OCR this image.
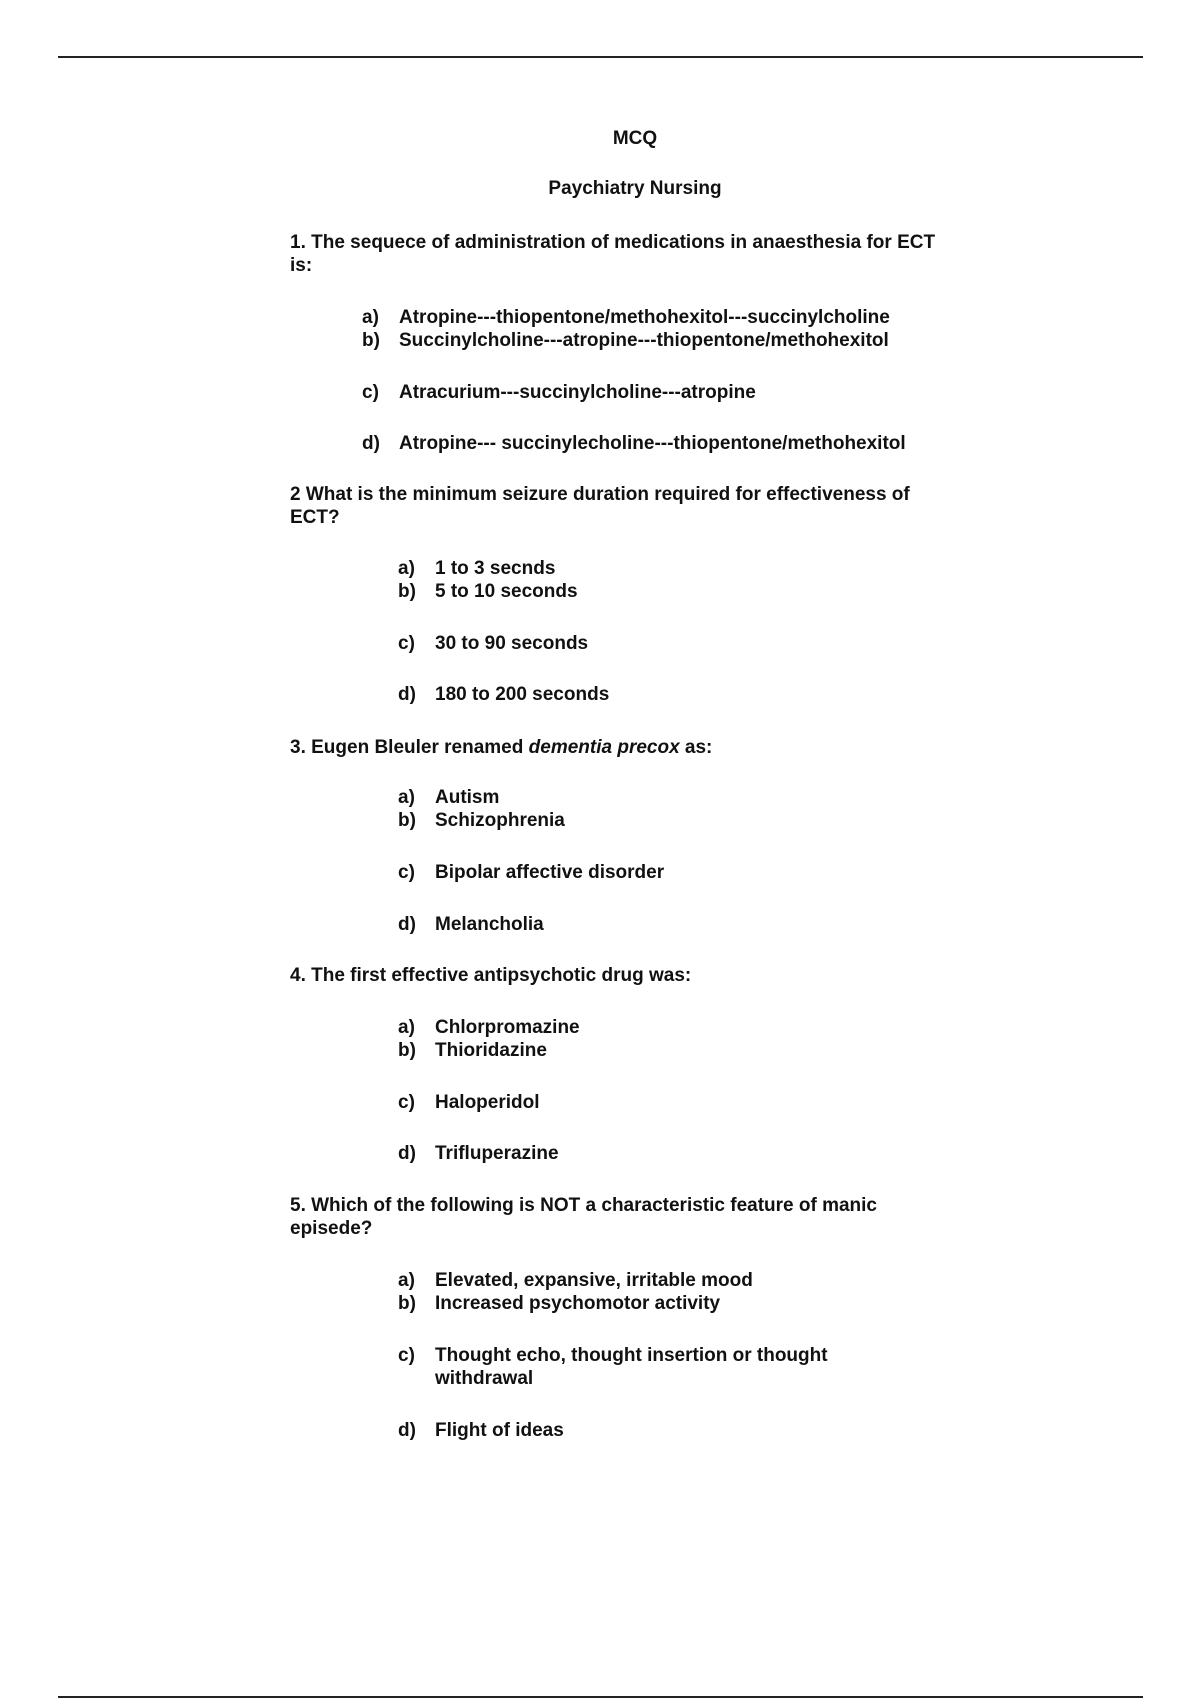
MCQ
Paychiatry Nursing
1. The sequece of administration of medications in anaesthesia for ECT is:
a) Atropine---thiopentone/methohexitol---succinylcholine
b) Succinylcholine---atropine---thiopentone/methohexitol
c) Atracurium---succinylcholine---atropine
d) Atropine--- succinylecholine---thiopentone/methohexitol
2 What is the minimum seizure duration required for effectiveness of ECT?
a) 1 to 3 secnds
b) 5 to 10 seconds
c) 30 to 90 seconds
d) 180 to 200 seconds
3. Eugen Bleuler renamed dementia precox as:
a) Autism
b) Schizophrenia
c) Bipolar affective disorder
d) Melancholia
4. The first effective antipsychotic drug was:
a) Chlorpromazine
b) Thioridazine
c) Haloperidol
d) Trifluperazine
5. Which of the following is NOT a characteristic feature of manic episede?
a) Elevated, expansive, irritable mood
b) Increased psychomotor activity
c) Thought echo, thought insertion or thought withdrawal
d) Flight of ideas
